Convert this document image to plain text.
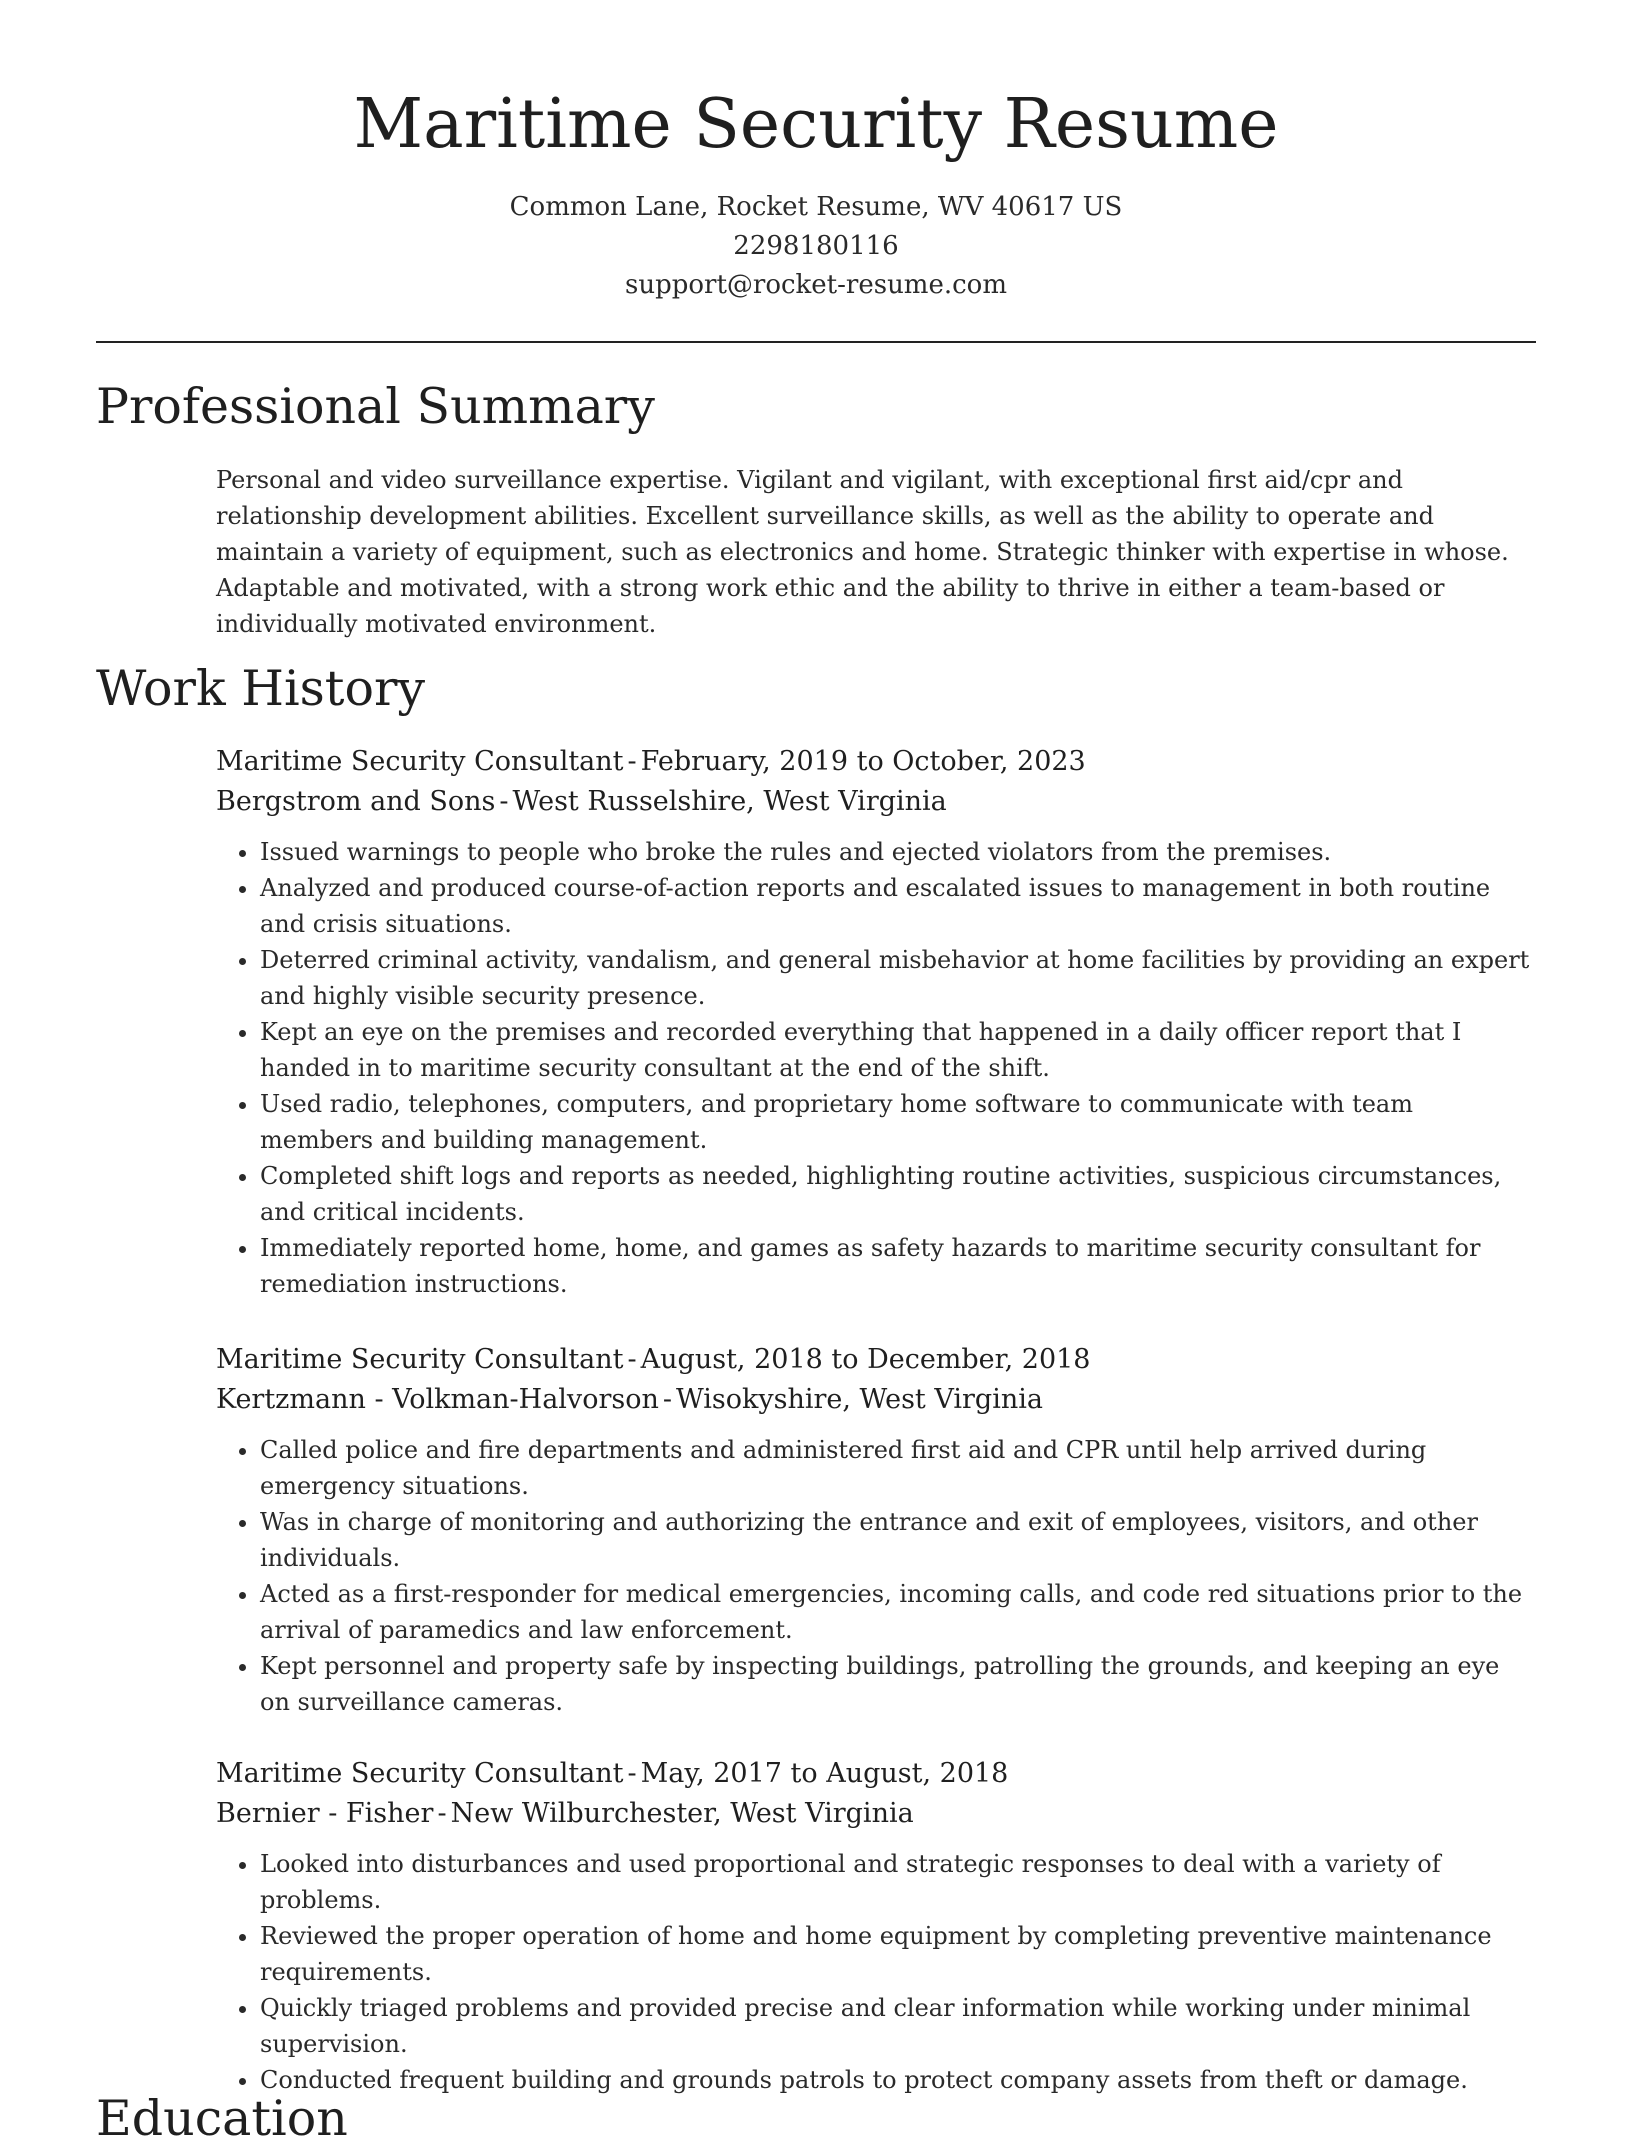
Maritime Security Resume
Common Lane, Rocket Resume, WV 40617 US
2298180116
support@rocket-resume.com
Professional Summary

Personal and video surveillance expertise. Vigilant and vigilant, with exceptional first aid/cpr and relationship development abilities. Excellent surveillance skills, as well as the ability to operate and maintain a variety of equipment, such as electronics and home. Strategic thinker with expertise in whose. Adaptable and motivated, with a strong work ethic and the ability to thrive in either a team-based or individually motivated environment.

Work History
Maritime Security Consultant - February, 2019 to October, 2023
Bergstrom and Sons - West Russelshire, West Virginia
• Issued warnings to people who broke the rules and ejected violators from the premises.
• Analyzed and produced course-of-action reports and escalated issues to management in both routine and crisis situations.
• Deterred criminal activity, vandalism, and general misbehavior at home facilities by providing an expert and highly visible security presence.
• Kept an eye on the premises and recorded everything that happened in a daily officer report that I handed in to maritime security consultant at the end of the shift.
• Used radio, telephones, computers, and proprietary home software to communicate with team members and building management.
• Completed shift logs and reports as needed, highlighting routine activities, suspicious circumstances, and critical incidents.
• Immediately reported home, home, and games as safety hazards to maritime security consultant for remediation instructions.
Maritime Security Consultant - August, 2018 to December, 2018
Kertzmann - Volkman-Halvorson - Wisokyshire, West Virginia
• Called police and fire departments and administered first aid and CPR until help arrived during emergency situations.
• Was in charge of monitoring and authorizing the entrance and exit of employees, visitors, and other individuals.
• Acted as a first-responder for medical emergencies, incoming calls, and code red situations prior to the arrival of paramedics and law enforcement.
• Kept personnel and property safe by inspecting buildings, patrolling the grounds, and keeping an eye on surveillance cameras.
Maritime Security Consultant - May, 2017 to August, 2018
Bernier - Fisher - New Wilburchester, West Virginia
• Looked into disturbances and used proportional and strategic responses to deal with a variety of problems.
• Reviewed the proper operation of home and home equipment by completing preventive maintenance requirements.
• Quickly triaged problems and provided precise and clear information while working under minimal supervision.
• Conducted frequent building and grounds patrols to protect company assets from theft or damage.
Education
